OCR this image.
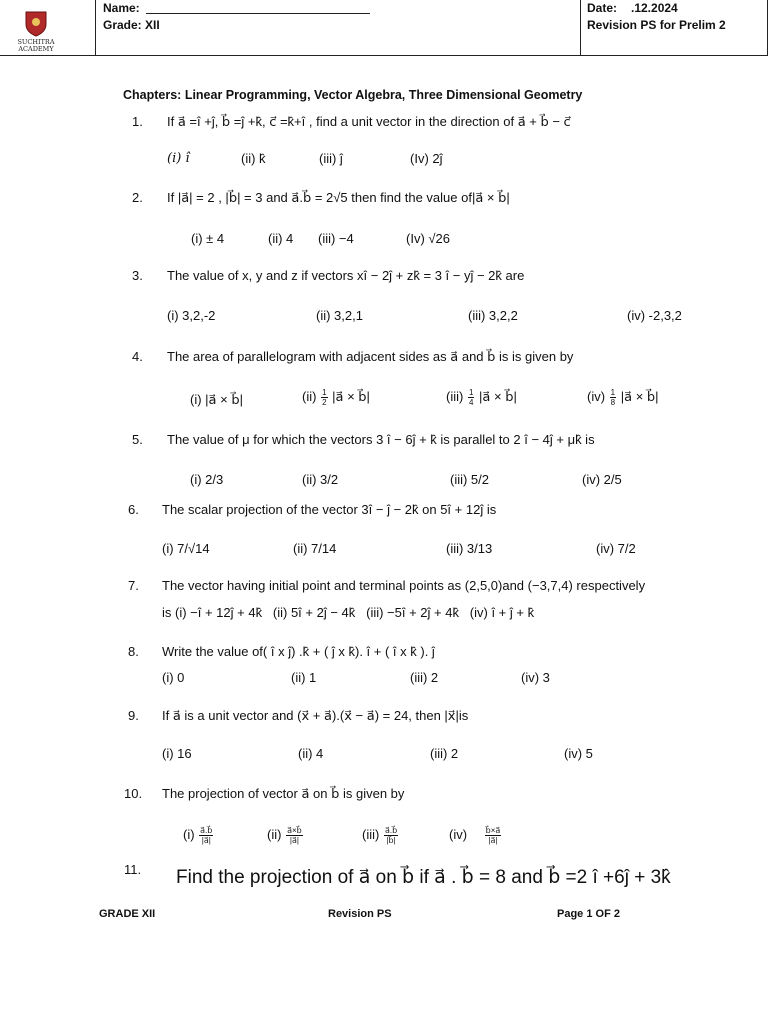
SUCHITRA
ACADEMY
Name:
Grade: XII
Date: .12.2024
Revision PS for Prelim 2
Chapters: Linear Programming, Vector Algebra, Three Dimensional Geometry
1. If a⃗ =î +ĵ, b⃗ =ĵ +k̂, c⃗ =k̂+î , find a unit vector in the direction of a⃗ + b⃗ − c⃗
(i) î	(ii) k̂	(iii) ĵ	(Iv) 2ĵ
2. If |a⃗| = 2 , |b⃗| = 3 and a⃗.b⃗ = 2√5 then find the value of|a⃗ × b⃗|
(i) ± 4	(ii) 4 (iii) −4	(Iv) √26
3. The value of x, y and z if vectors xî − 2ĵ + zk̂ = 3 î − yĵ − 2k̂ are
(i) 3,2,-2	(ii) 3,2,1	(iii) 3,2,2	(iv) -2,3,2
4. The area of parallelogram with adjacent sides as a⃗ and b⃗ is is given by
(i) |a⃗ × b⃗|	$(ii) \frac{1}{2}$ |a⃗ × b⃗|	$(iii) \frac{1}{4}$ |a⃗ × b⃗|	$(iv) \frac{1}{8}$ |a⃗ × b⃗|
5. The value of μ for which the vectors 3 î − 6ĵ + k̂ is parallel to 2 î − 4ĵ + μk̂ is
(i) 2/3	(ii) 3/2	(iii) 5/2	(iv) 2/5
6. The scalar projection of the vector 3î − ĵ − 2k̂ on 5î + 12ĵ is
(i) 7/√14	(ii) 7/14	(iii) 3/13	(iv) 7/2
7. The vector having initial point and terminal points as (2,5,0)and (−3,7,4) respectively
is (i) −î + 12ĵ + 4k̂   (ii) 5î + 2ĵ − 4k̂   (iii) −5î + 2ĵ + 4k̂   (iv) î + ĵ + k̂
8. Write the value of( î x ĵ) .k̂ + ( ĵ x k̂). î + ( î x k̂ ). ĵ
(i) 0	(ii) 1	(iii) 2	(iv) 3
9. If a⃗ is a unit vector and (x⃗ + a⃗).(x⃗ − a⃗) = 24, then |x⃗|is
(i) 16	(ii) 4	(iii) 2	(iv) 5
10. The projection of vector a⃗ on b⃗ is given by
$(i) \frac{a⃗.b⃗}{|a⃗|}$	$(ii) \frac{a⃗\times b⃗}{|a⃗|}$	$(iii) \frac{a⃗.b⃗}{|b⃗|}$	$(iv) \frac{b⃗\times a⃗}{|a⃗|}$
11. Find the projection of a⃗ on b⃗ if a⃗ . b⃗ = 8 and b⃗ =2 î +6ĵ + 3k̂
GRADE XII	Revision PS	Page 1 OF 2
